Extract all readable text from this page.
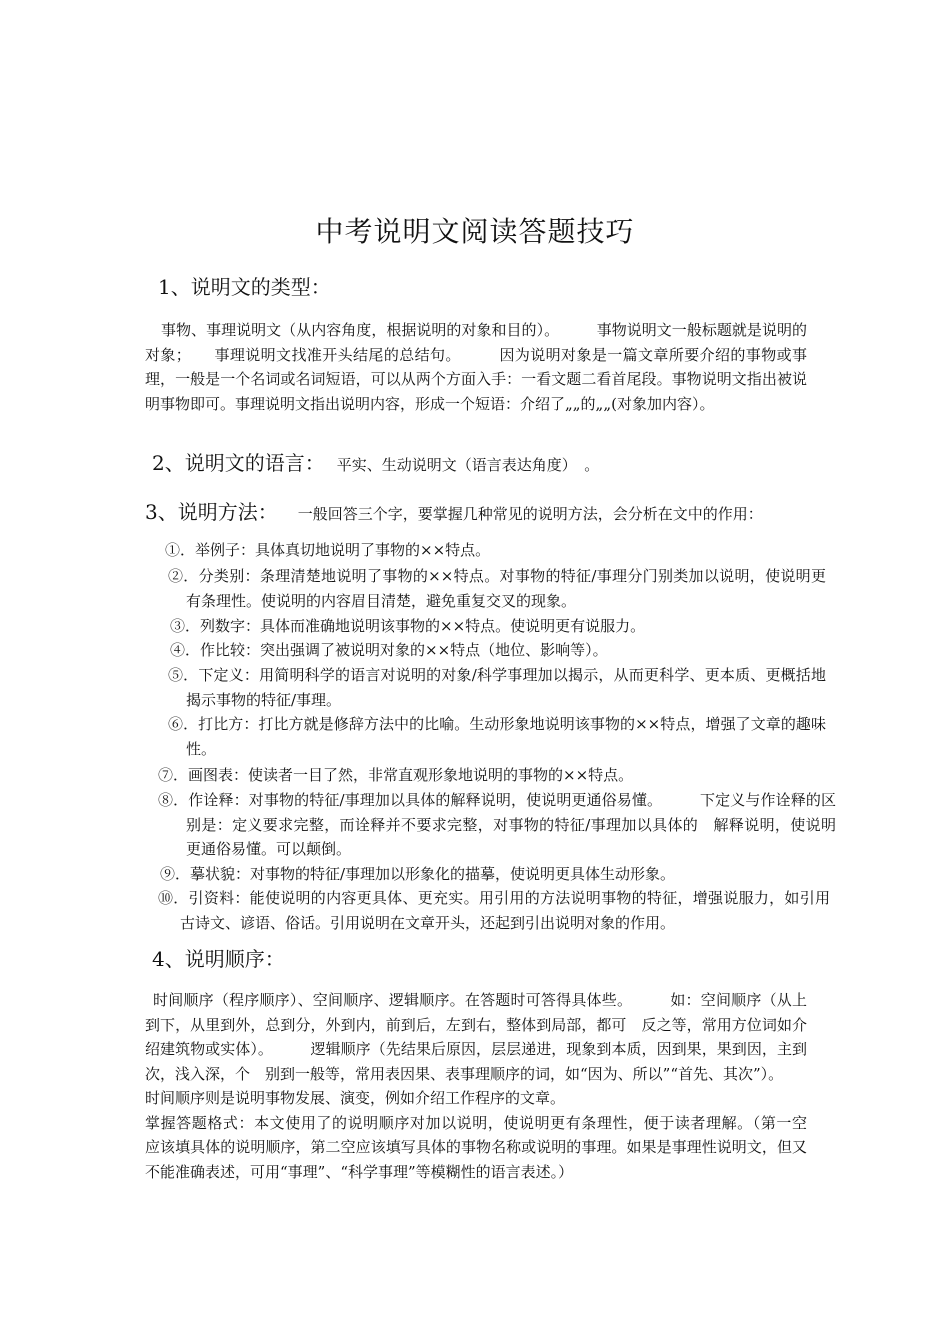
中考说明文阅读答题技巧
1、说明文的类型：

事物、事理说明文（从内容角度，根据说明的对象和目的）。　　　事物说明文一般标题就是说明的对象；　　事理说明文找准开头结尾的总结句。　　　因为说明对象是一篇文章所要介绍的事物或事理，一般是一个名词或名词短语，可以从两个方面入手：一看文题二看首尾段。事物说明文指出被说明事物即可。事理说明文指出说明内容，形成一个短语：介绍了„„的„„(对象加内容）。

2、说明文的语言： 平实、生动说明文（语言表达角度）　。
3、说明方法： 一般回答三个字，要掌握几种常见的说明方法，会分析在文中的作用：
①．举例子：具体真切地说明了事物的××特点。
②．分类别：条理清楚地说明了事物的××特点。对事物的特征/事理分门别类加以说明，使说明更有条理性。使说明的内容眉目清楚，避免重复交叉的现象。
③．列数字：具体而准确地说明该事物的××特点。使说明更有说服力。
④．作比较：突出强调了被说明对象的××特点（地位、影响等）。
⑤．下定义：用简明科学的语言对说明的对象/科学事理加以揭示，从而更科学、更本质、更概括地揭示事物的特征/事理。
⑥．打比方：打比方就是修辞方法中的比喻。生动形象地说明该事物的××特点，增强了文章的趣味性。
⑦．画图表：使读者一目了然，非常直观形象地说明的事物的××特点。
⑧．作诠释：对事物的特征/事理加以具体的解释说明，使说明更通俗易懂。　　　下定义与作诠释的区别是：定义要求完整，而诠释并不要求完整，对事物的特征/事理加以具体的　解释说明，使说明更通俗易懂。可以颠倒。
⑨．摹状貌：对事物的特征/事理加以形象化的描摹，使说明更具体生动形象。
⑩．引资料：能使说明的内容更具体、更充实。用引用的方法说明事物的特征，增强说服力，如引用古诗文、谚语、俗话。引用说明在文章开头，还起到引出说明对象的作用。
4、说明顺序：

时间顺序（程序顺序）、空间顺序、逻辑顺序。在答题时可答得具体些。　　　如：空间顺序（从上到下，从里到外，总到分，外到内，前到后，左到右，整体到局部，都可　反之等，常用方位词如介绍建筑物或实体）。　　　逻辑顺序（先结果后原因，层层递进，现象到本质，因到果，果到因，主到次，浅入深，个　别到一般等，常用表因果、表事理顺序的词，如“因为、所以”“首先、其次”）。

时间顺序则是说明事物发展、演变，例如介绍工作程序的文章。

掌握答题格式：本文使用了的说明顺序对加以说明，使说明更有条理性，便于读者理解。（第一空　应该填具体的说明顺序，第二空应该填写具体的事物名称或说明的事理。如果是事理性说明文，但又不能准确表述，可用“事理”、“科学事理”等模糊性的语言表述。）
